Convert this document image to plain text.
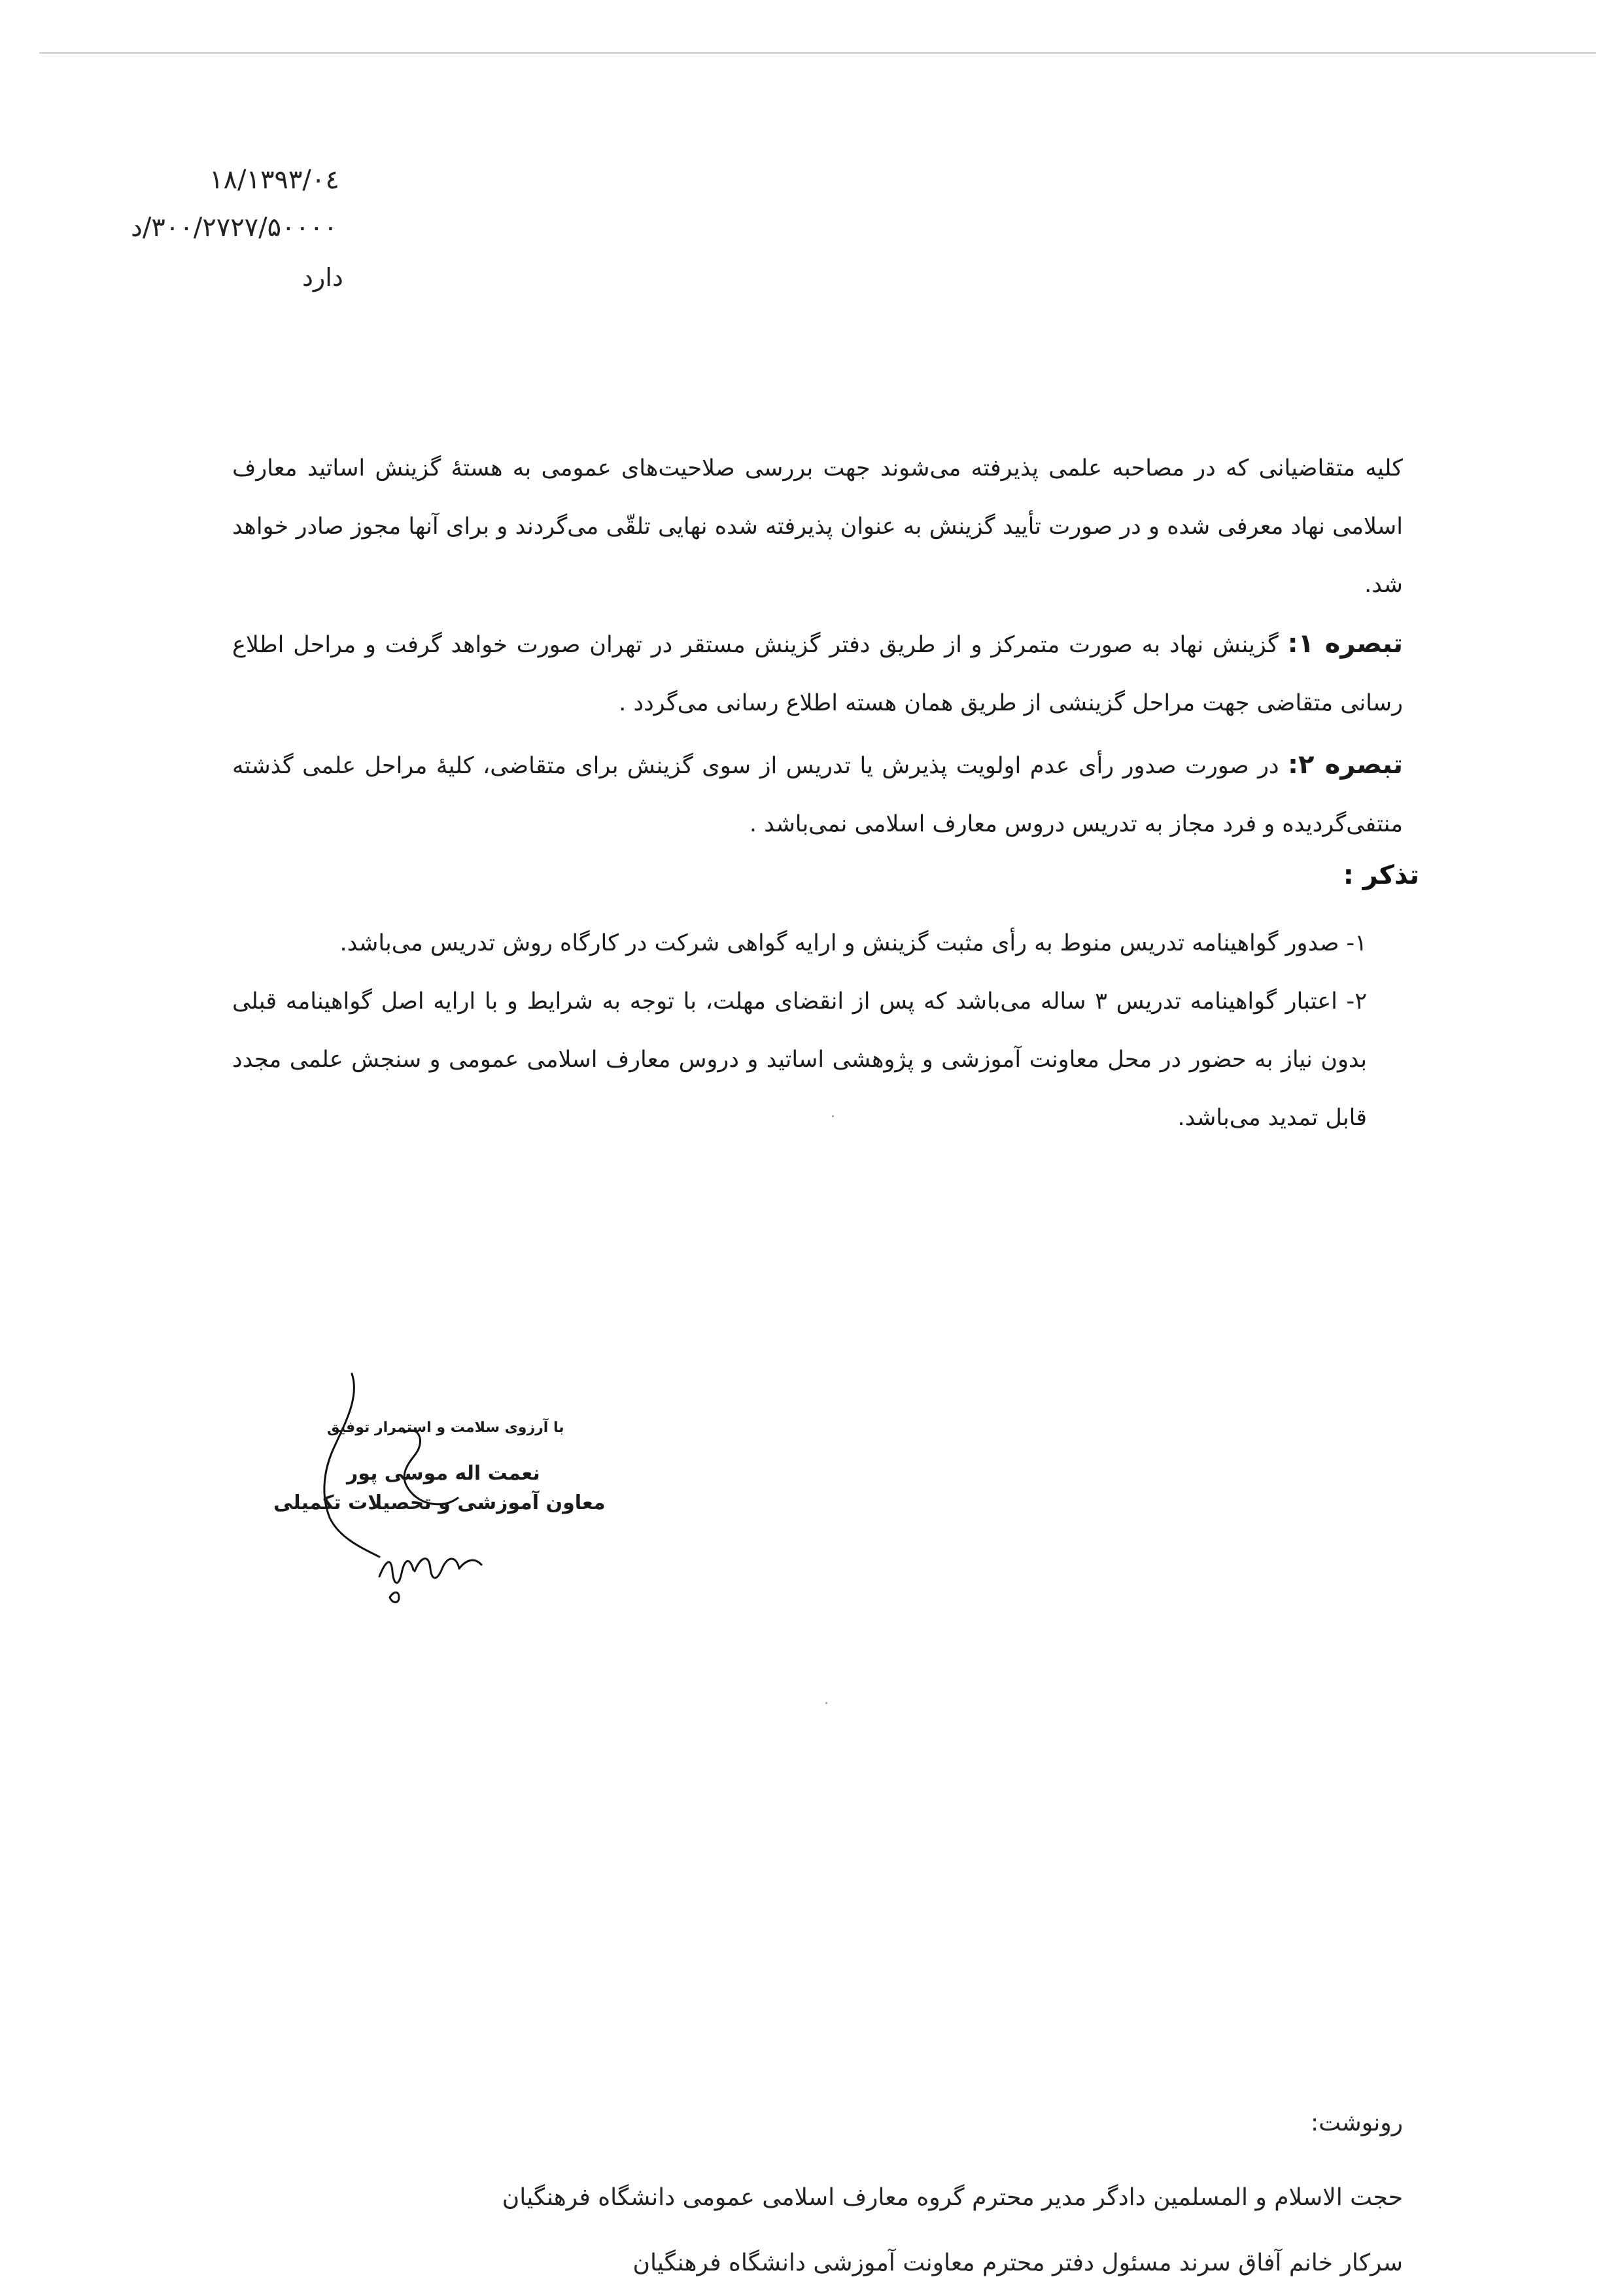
۱۳۹۳/۰٤/۱۸
۳۰۰/۲۷۲۷/۵۰۰۰۰/د
دارد

کلیه متقاضیانی که در مصاحبه علمی پذیرفته می‌شوند جهت بررسی صلاحیت‌های عمومی به هستهٔ گزینش اساتید معارف اسلامی نهاد معرفی شده و در صورت تأیید گزینش به عنوان پذیرفته شده نهایی تلقّی می‌گردند و برای آنها مجوز صادر خواهد شد.

تبصره ۱: گزینش نهاد به صورت متمرکز و از طریق دفتر گزینش مستقر در تهران صورت خواهد گرفت و مراحل اطلاع رسانی متقاضی جهت مراحل گزینشی از طریق همان هسته اطلاع رسانی می‌گردد .

تبصره ۲: در صورت صدور رأی عدم اولویت پذیرش یا تدریس از سوی گزینش برای متقاضی، کلیهٔ مراحل علمی گذشته منتفی‌گردیده و فرد مجاز به تدریس دروس معارف اسلامی نمی‌باشد .

تذکر :

۱- صدور گواهینامه تدریس منوط به رأی مثبت گزینش و ارایه گواهی شرکت در کارگاه روش تدریس می‌باشد.

۲- اعتبار گواهینامه تدریس ۳ ساله می‌باشد که پس از انقضای مهلت، با توجه به شرایط و با ارایه اصل گواهینامه قبلی بدون نیاز به حضور در محل معاونت آموزشی و پژوهشی اساتید و دروس معارف اسلامی عمومی و سنجش علمی مجدد قابل تمدید می‌باشد.

با آرزوی سلامت و استمرار توفیق
نعمت اله موسی پور
معاون آموزشی و تحصیلات تکمیلی
رونوشت:

حجت الاسلام و المسلمین دادگر مدیر محترم گروه معارف اسلامی عمومی دانشگاه فرهنگیان

سرکار خانم آفاق سرند مسئول دفتر محترم معاونت آموزشی دانشگاه فرهنگیان
